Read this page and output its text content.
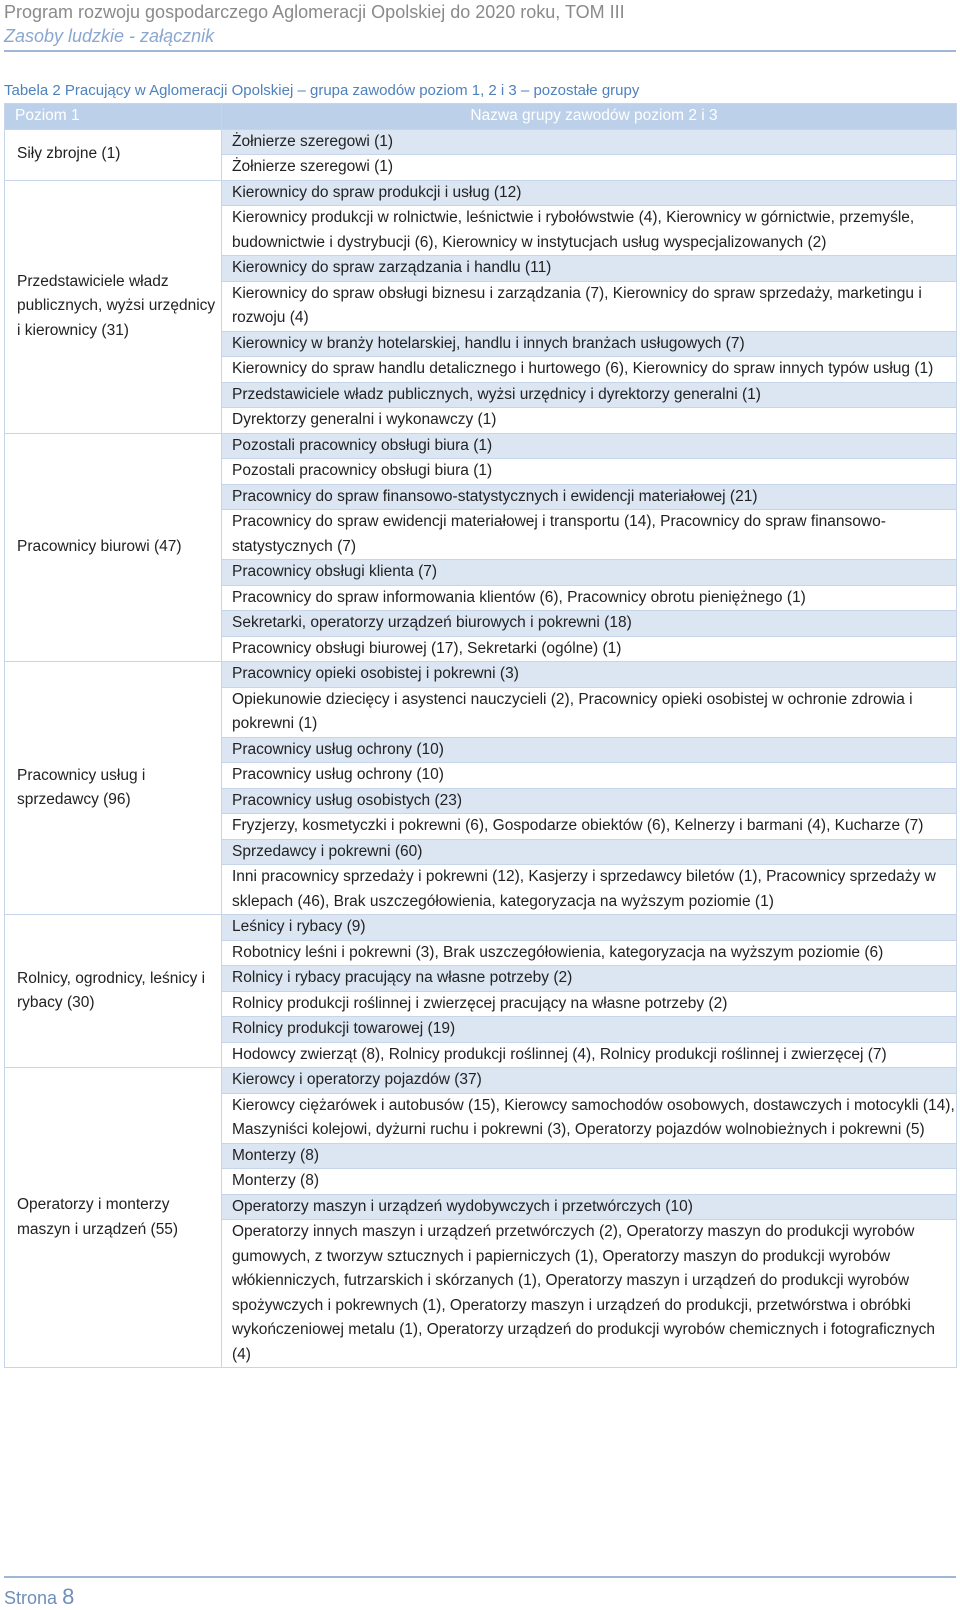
Program rozwoju gospodarczego Aglomeracji Opolskiej do 2020 roku, TOM III
Zasoby ludzkie - załącznik
Tabela 2 Pracujący w Aglomeracji Opolskiej – grupa zawodów poziom 1, 2 i 3 – pozostałe grupy
Poziom 1	Nazwa grupy zawodów poziom 2 i 3
Siły zbrojne (1)	Żołnierze szeregowi (1)
	Żołnierze szeregowi (1)
Przedstawiciele władz publicznych, wyżsi urzędnicy i kierownicy (31)	Kierownicy do spraw produkcji i usług (12)
	Kierownicy produkcji w rolnictwie, leśnictwie i rybołówstwie (4), Kierownicy w górnictwie, przemyśle, budownictwie i dystrybucji (6), Kierownicy w instytucjach usług wyspecjalizowanych (2)
	Kierownicy do spraw zarządzania i handlu (11)
	Kierownicy do spraw obsługi biznesu i zarządzania (7), Kierownicy do spraw sprzedaży, marketingu i rozwoju (4)
	Kierownicy w branży hotelarskiej, handlu i innych branżach usługowych (7)
	Kierownicy do spraw handlu detalicznego i hurtowego (6), Kierownicy do spraw innych typów usług (1)
	Przedstawiciele władz publicznych, wyżsi urzędnicy i dyrektorzy generalni (1)
	Dyrektorzy generalni i wykonawczy (1)
Pracownicy biurowi (47)	Pozostali pracownicy obsługi biura (1)
	Pozostali pracownicy obsługi biura (1)
	Pracownicy do spraw finansowo-statystycznych i ewidencji materiałowej (21)
	Pracownicy do spraw ewidencji materiałowej i transportu (14), Pracownicy do spraw finansowo-statystycznych (7)
	Pracownicy obsługi klienta (7)
	Pracownicy do spraw informowania klientów (6), Pracownicy obrotu pieniężnego (1)
	Sekretarki, operatorzy urządzeń biurowych i pokrewni (18)
	Pracownicy obsługi biurowej (17), Sekretarki (ogólne) (1)
Pracownicy usług i sprzedawcy (96)	Pracownicy opieki osobistej i pokrewni (3)
	Opiekunowie dziecięcy i asystenci nauczycieli (2), Pracownicy opieki osobistej w ochronie zdrowia i pokrewni (1)
	Pracownicy usług ochrony (10)
	Pracownicy usług ochrony (10)
	Pracownicy usług osobistych (23)
	Fryzjerzy, kosmetyczki i pokrewni (6), Gospodarze obiektów (6), Kelnerzy i barmani (4), Kucharze (7)
	Sprzedawcy i pokrewni (60)
	Inni pracownicy sprzedaży i pokrewni (12), Kasjerzy i sprzedawcy biletów (1), Pracownicy sprzedaży w sklepach (46), Brak uszczegółowienia, kategoryzacja na wyższym poziomie (1)
Rolnicy, ogrodnicy, leśnicy i rybacy (30)	Leśnicy i rybacy (9)
	Robotnicy leśni i pokrewni (3), Brak uszczegółowienia, kategoryzacja na wyższym poziomie (6)
	Rolnicy i rybacy pracujący na własne potrzeby (2)
	Rolnicy produkcji roślinnej i zwierzęcej pracujący na własne potrzeby (2)
	Rolnicy produkcji towarowej (19)
	Hodowcy zwierząt (8), Rolnicy produkcji roślinnej (4), Rolnicy produkcji roślinnej i zwierzęcej (7)
Operatorzy i monterzy maszyn i urządzeń (55)	Kierowcy i operatorzy pojazdów (37)
	Kierowcy ciężarówek i autobusów (15), Kierowcy samochodów osobowych, dostawczych i motocykli (14), Maszyniści kolejowi, dyżurni ruchu i pokrewni (3), Operatorzy pojazdów wolnobieżnych i pokrewni (5)
	Monterzy (8)
	Monterzy (8)
	Operatorzy maszyn i urządzeń wydobywczych i przetwórczych (10)
	Operatorzy innych maszyn i urządzeń przetwórczych (2), Operatorzy maszyn do produkcji wyrobów gumowych, z tworzyw sztucznych i papierniczych (1), Operatorzy maszyn do produkcji wyrobów włókienniczych, futrzarskich i skórzanych (1), Operatorzy maszyn i urządzeń do produkcji wyrobów spożywczych i pokrewnych (1), Operatorzy maszyn i urządzeń do produkcji, przetwórstwa i obróbki wykończeniowej metalu (1), Operatorzy urządzeń do produkcji wyrobów chemicznych i fotograficznych (4)
Strona 8
